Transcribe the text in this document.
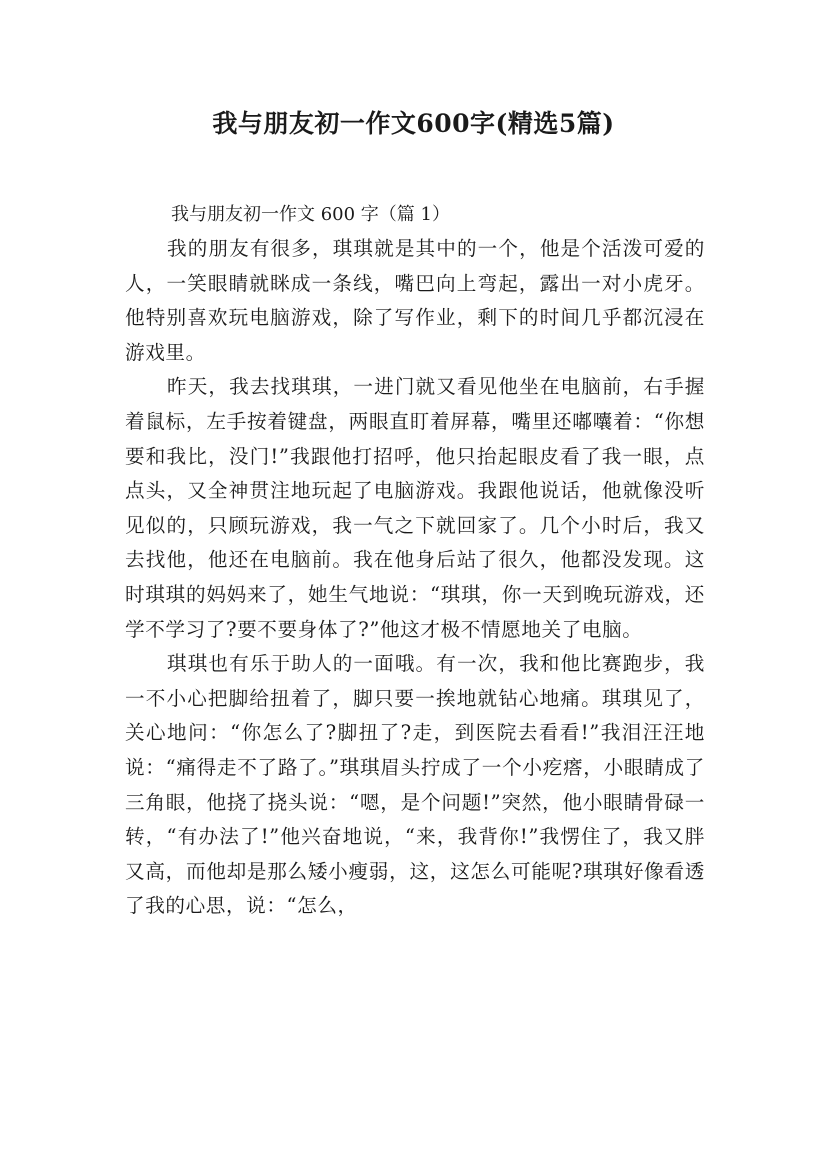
我与朋友初一作文600字(精选5篇)

我与朋友初一作文 600 字（篇 1）

我的朋友有很多，琪琪就是其中的一个，他是个活泼可爱的人，一笑眼睛就眯成一条线，嘴巴向上弯起，露出一对小虎牙。他特别喜欢玩电脑游戏，除了写作业，剩下的时间几乎都沉浸在游戏里。

昨天，我去找琪琪，一进门就又看见他坐在电脑前，右手握着鼠标，左手按着键盘，两眼直盯着屏幕，嘴里还嘟囔着：“你想要和我比，没门!”我跟他打招呼，他只抬起眼皮看了我一眼，点点头，又全神贯注地玩起了电脑游戏。我跟他说话，他就像没听见似的，只顾玩游戏，我一气之下就回家了。几个小时后，我又去找他，他还在电脑前。我在他身后站了很久，他都没发现。这时琪琪的妈妈来了，她生气地说：“琪琪，你一天到晚玩游戏，还学不学习了?要不要身体了?”他这才极不情愿地关了电脑。

琪琪也有乐于助人的一面哦。有一次，我和他比赛跑步，我一不小心把脚给扭着了，脚只要一挨地就钻心地痛。琪琪见了，关心地问：“你怎么了?脚扭了?走，到医院去看看!”我泪汪汪地说：“痛得走不了路了。”琪琪眉头拧成了一个小疙瘩，小眼睛成了三角眼，他挠了挠头说：“嗯，是个问题!”突然，他小眼睛骨碌一转，“有办法了!”他兴奋地说，“来，我背你!”我愣住了，我又胖又高，而他却是那么矮小瘦弱，这，这怎么可能呢?琪琪好像看透了我的心思，说：“怎么，
